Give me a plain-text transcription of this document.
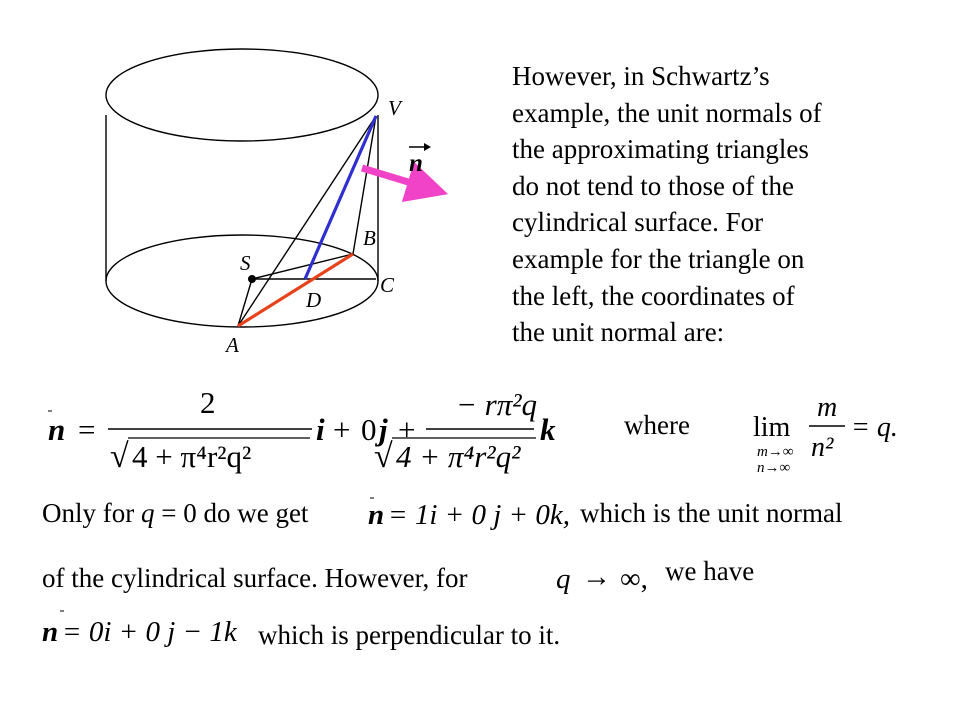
n
V
B
S
C
D
A
However, in Schwartz’s
example, the unit normals of
the approximating triangles
do not tend to those of the
cylindrical surface. For
example for the triangle on
the left, the coordinates of
the unit normal are:
n =
2
√ 4 + π⁴r²q²
i + 0 j +
− rπ²q
√ 4 + π⁴r²q²
k	where lim
m→∞
n→∞
m
n²
= q.
Only for q = 0 do we get n = 1i + 0 j + 0k, which is the unit normal
of the cylindrical surface. However, for	q → ∞, we have
n = 0i + 0 j − 1k which is perpendicular to it.
